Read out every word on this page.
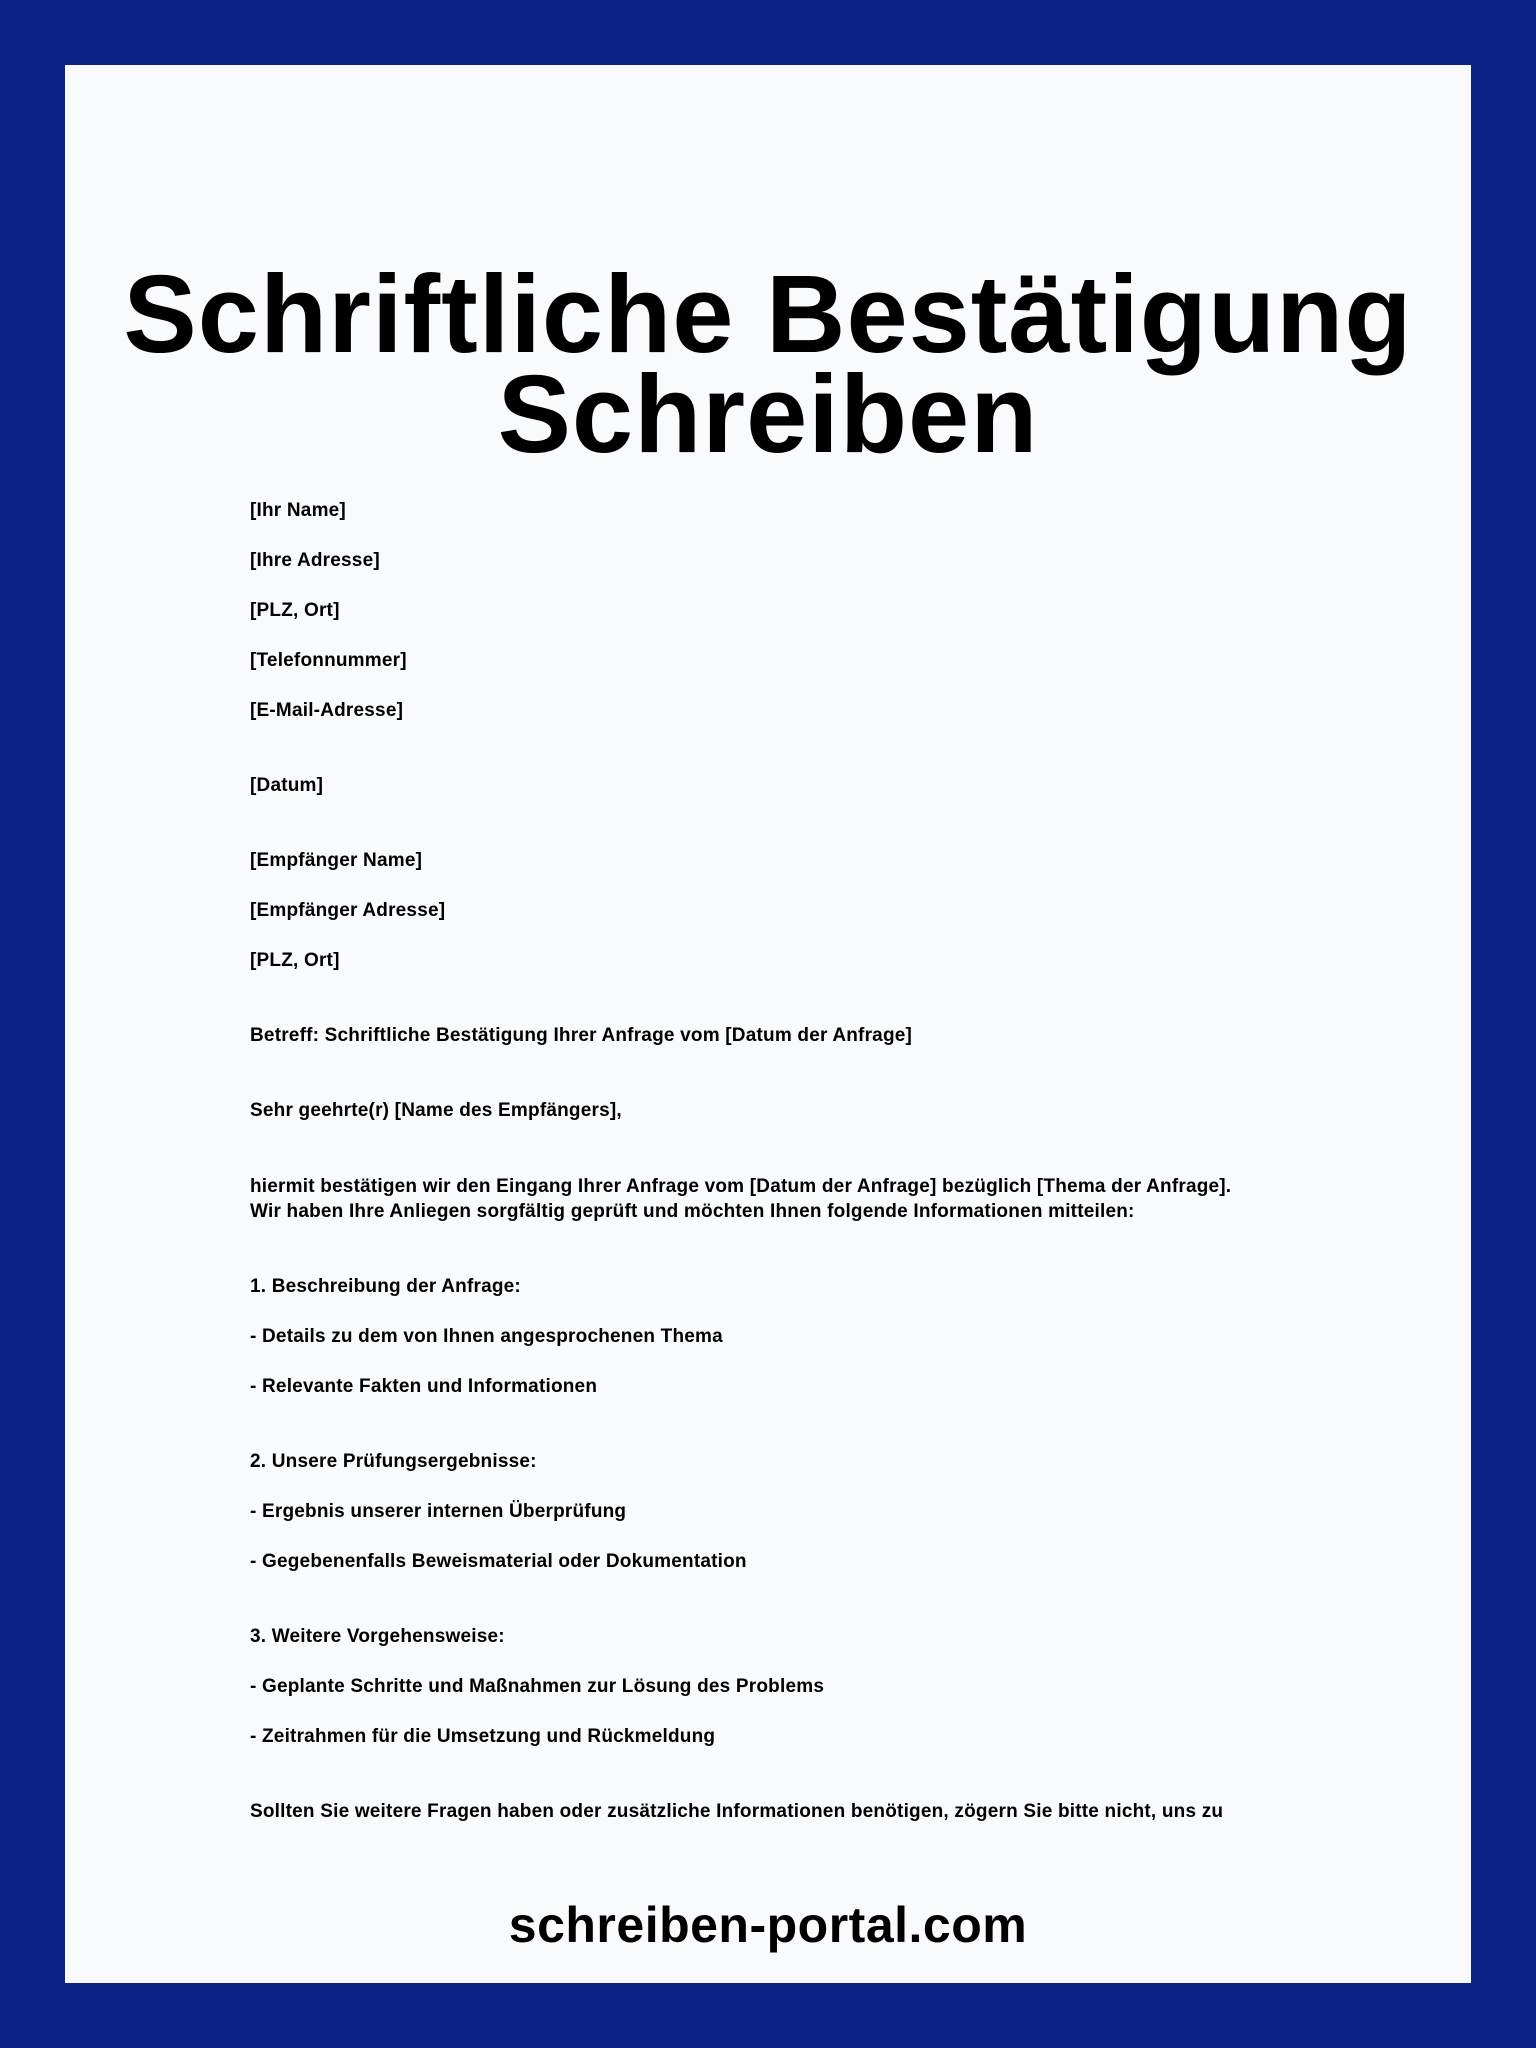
Schriftliche Bestätigung
Schreiben

[Ihr Name]

[Ihre Adresse]

[PLZ, Ort]

[Telefonnummer]

[E-Mail-Adresse]

[Datum]

[Empfänger Name]

[Empfänger Adresse]

[PLZ, Ort]

Betreff: Schriftliche Bestätigung Ihrer Anfrage vom [Datum der Anfrage]

Sehr geehrte(r) [Name des Empfängers],

hiermit bestätigen wir den Eingang Ihrer Anfrage vom [Datum der Anfrage] bezüglich [Thema der Anfrage].

Wir haben Ihre Anliegen sorgfältig geprüft und möchten Ihnen folgende Informationen mitteilen:

1. Beschreibung der Anfrage:

- Details zu dem von Ihnen angesprochenen Thema

- Relevante Fakten und Informationen

2. Unsere Prüfungsergebnisse:

- Ergebnis unserer internen Überprüfung

- Gegebenenfalls Beweismaterial oder Dokumentation

3. Weitere Vorgehensweise:

- Geplante Schritte und Maßnahmen zur Lösung des Problems

- Zeitrahmen für die Umsetzung und Rückmeldung

Sollten Sie weitere Fragen haben oder zusätzliche Informationen benötigen, zögern Sie bitte nicht, uns zu

schreiben-portal.com
